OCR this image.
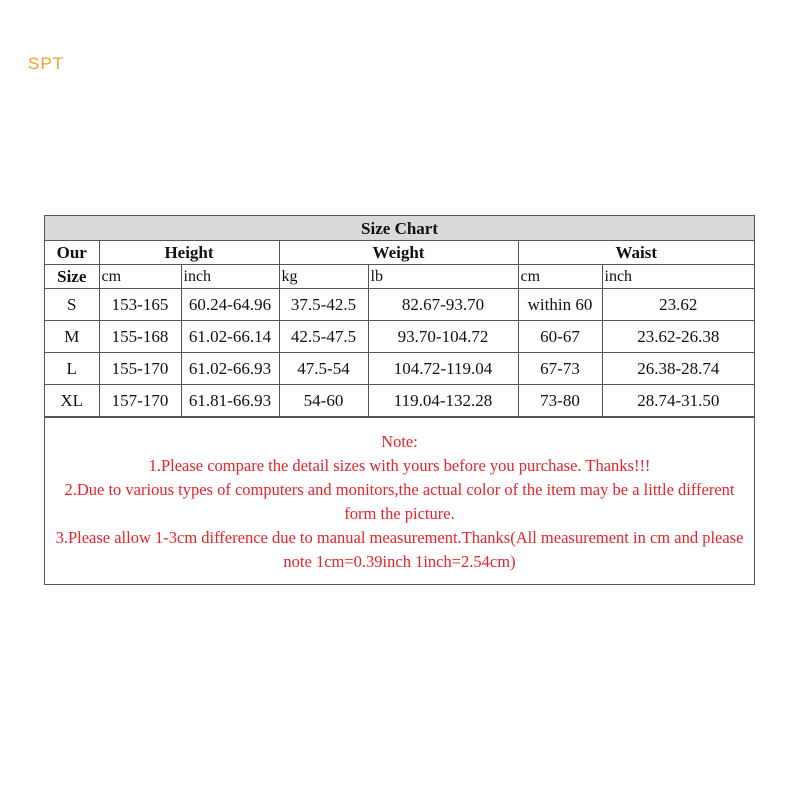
SPT
Size Chart						
Our	Height		Weight		Waist	
Size	cm	inch	kg	lb	cm	inch
S	153-165	60.24-64.96	37.5-42.5	82.67-93.70	within 60	23.62
M	155-168	61.02-66.14	42.5-47.5	93.70-104.72	60-67	23.62-26.38
L	155-170	61.02-66.93	47.5-54	104.72-119.04	67-73	26.38-28.74
XL	157-170	61.81-66.93	54-60	119.04-132.28	73-80	28.74-31.50
Note:
1.Please compare the detail sizes with yours before you purchase. Thanks!!!
2.Due to various types of computers and monitors,the actual color of the item may be a little different form the picture.
3.Please allow 1-3cm difference due to manual measurement.Thanks(All measurement in cm and please note 1cm=0.39inch 1inch=2.54cm)
